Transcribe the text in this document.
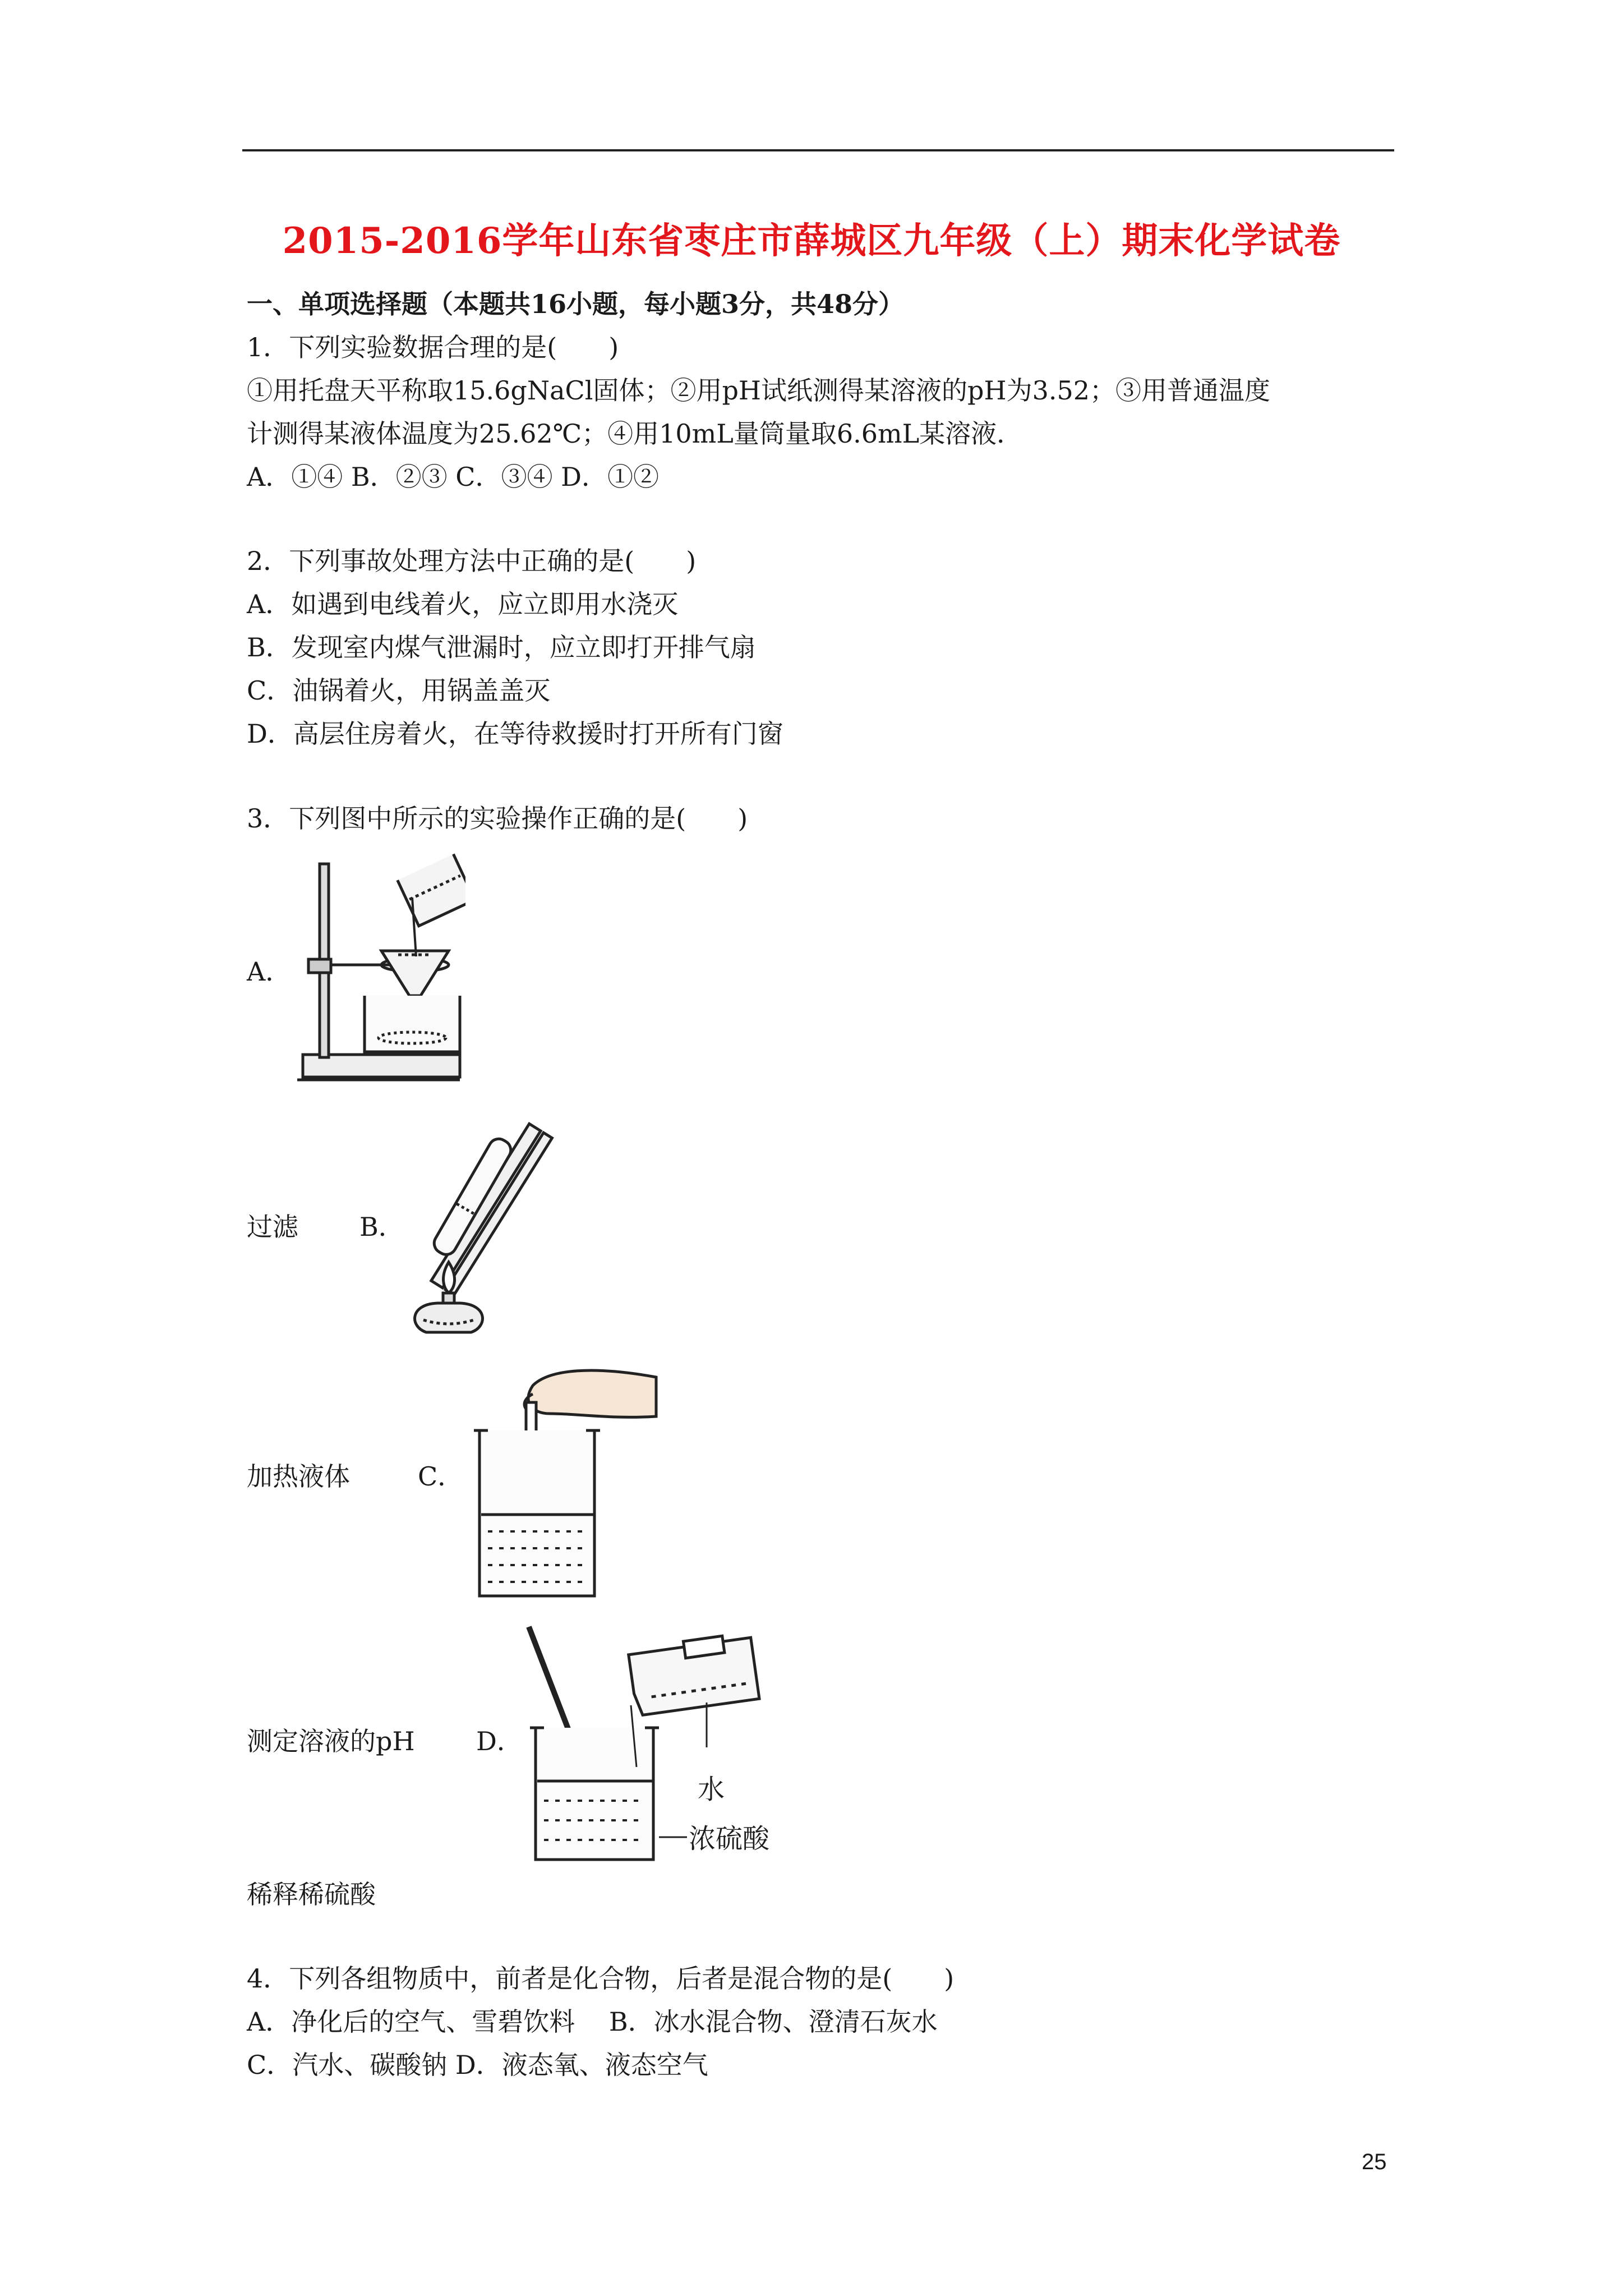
2015-2016学年山东省枣庄市薛城区九年级（上）期末化学试卷
一、单项选择题（本题共16小题，每小题3分，共48分）
1．下列实验数据合理的是(　　)
①用托盘天平称取15.6gNaCl固体；②用pH试纸测得某溶液的pH为3.52；③用普通温度
计测得某液体温度为25.62℃；④用10mL量筒量取6.6mL某溶液．
A．①④ B．②③ C．③④ D．①②
2．下列事故处理方法中正确的是(　　)
A．如遇到电线着火，应立即用水浇灭
B．发现室内煤气泄漏时，应立即打开排气扇
C．油锅着火，用锅盖盖灭
D．高层住房着火，在等待救援时打开所有门窗
3．下列图中所示的实验操作正确的是(　　)
A．
过滤 B．
加热液体	C．
测定溶液的pH D．
水
浓硫酸
稀释稀硫酸
4．下列各组物质中，前者是化合物，后者是混合物的是(　　)
A．净化后的空气、雪碧饮料　 B．冰水混合物、澄清石灰水
C．汽水、碳酸钠 D．液态氧、液态空气
25
